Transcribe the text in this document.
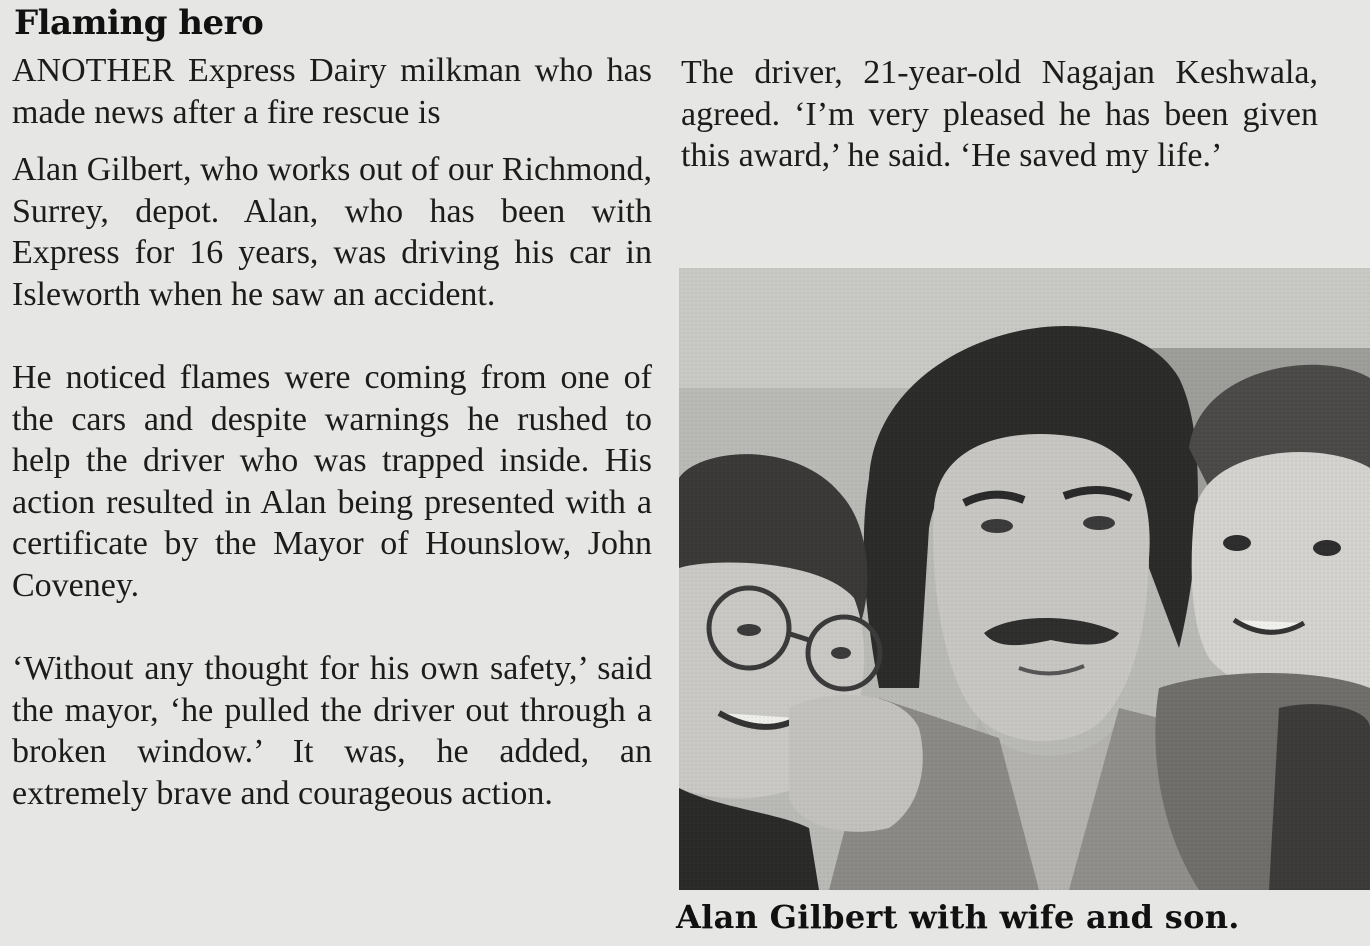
Flaming hero

ANOTHER Express Dairy milkman who has made news after a fire rescue is

Alan Gilbert, who works out of our Richmond, Surrey, depot. Alan, who has been with Express for 16 years, was driving his car in Isleworth when he saw an accident.

He noticed flames were coming from one of the cars and despite warnings he rushed to help the driver who was trapped inside. His action resulted in Alan being presented with a certificate by the Mayor of Hounslow, John Coveney.

‘Without any thought for his own safety,’ said the mayor, ‘he pulled the driver out through a broken window.’ It was, he added, an extremely brave and courageous action.

The driver, 21-year-old Nagajan Keshwala, agreed. ‘I’m very pleased he has been given this award,’ he said. ‘He saved my life.’

Alan Gilbert with wife and son.
